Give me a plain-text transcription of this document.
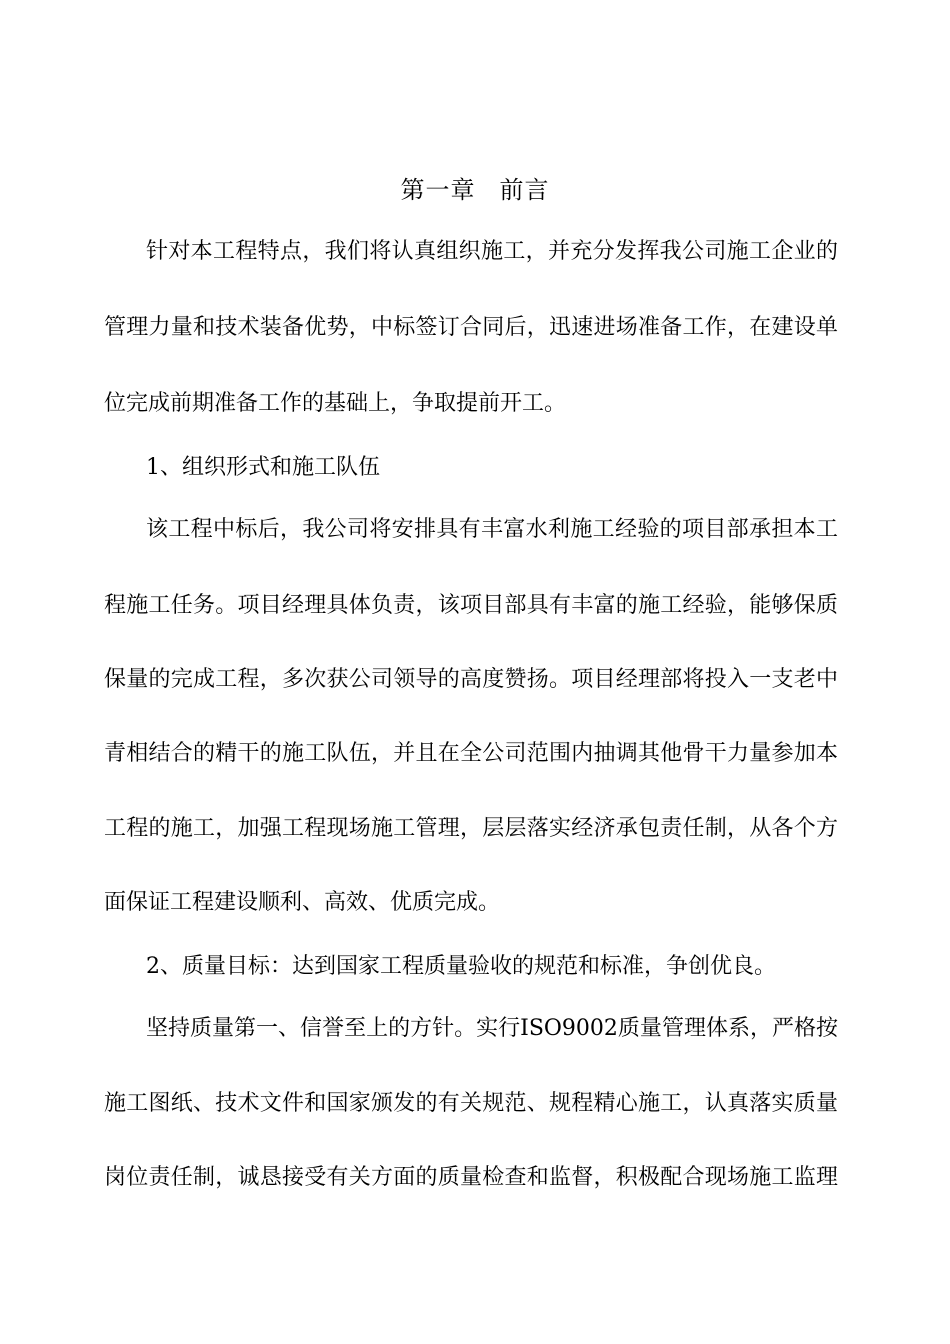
第一章 前言
针对本工程特点，我们将认真组织施工，并充分发挥我公司施工企业的
管理力量和技术装备优势，中标签订合同后，迅速进场准备工作，在建设单
位完成前期准备工作的基础上，争取提前开工。
1、组织形式和施工队伍
该工程中标后，我公司将安排具有丰富水利施工经验的项目部承担本工
程施工任务。项目经理具体负责，该项目部具有丰富的施工经验，能够保质
保量的完成工程，多次获公司领导的高度赞扬。项目经理部将投入一支老中
青相结合的精干的施工队伍，并且在全公司范围内抽调其他骨干力量参加本
工程的施工，加强工程现场施工管理，层层落实经济承包责任制，从各个方
面保证工程建设顺利、高效、优质完成。
2、质量目标：达到国家工程质量验收的规范和标准，争创优良。
坚持质量第一、信誉至上的方针。实行ISO9002质量管理体系，严格按
施工图纸、技术文件和国家颁发的有关规范、规程精心施工，认真落实质量
岗位责任制，诚恳接受有关方面的质量检查和监督，积极配合现场施工监理
